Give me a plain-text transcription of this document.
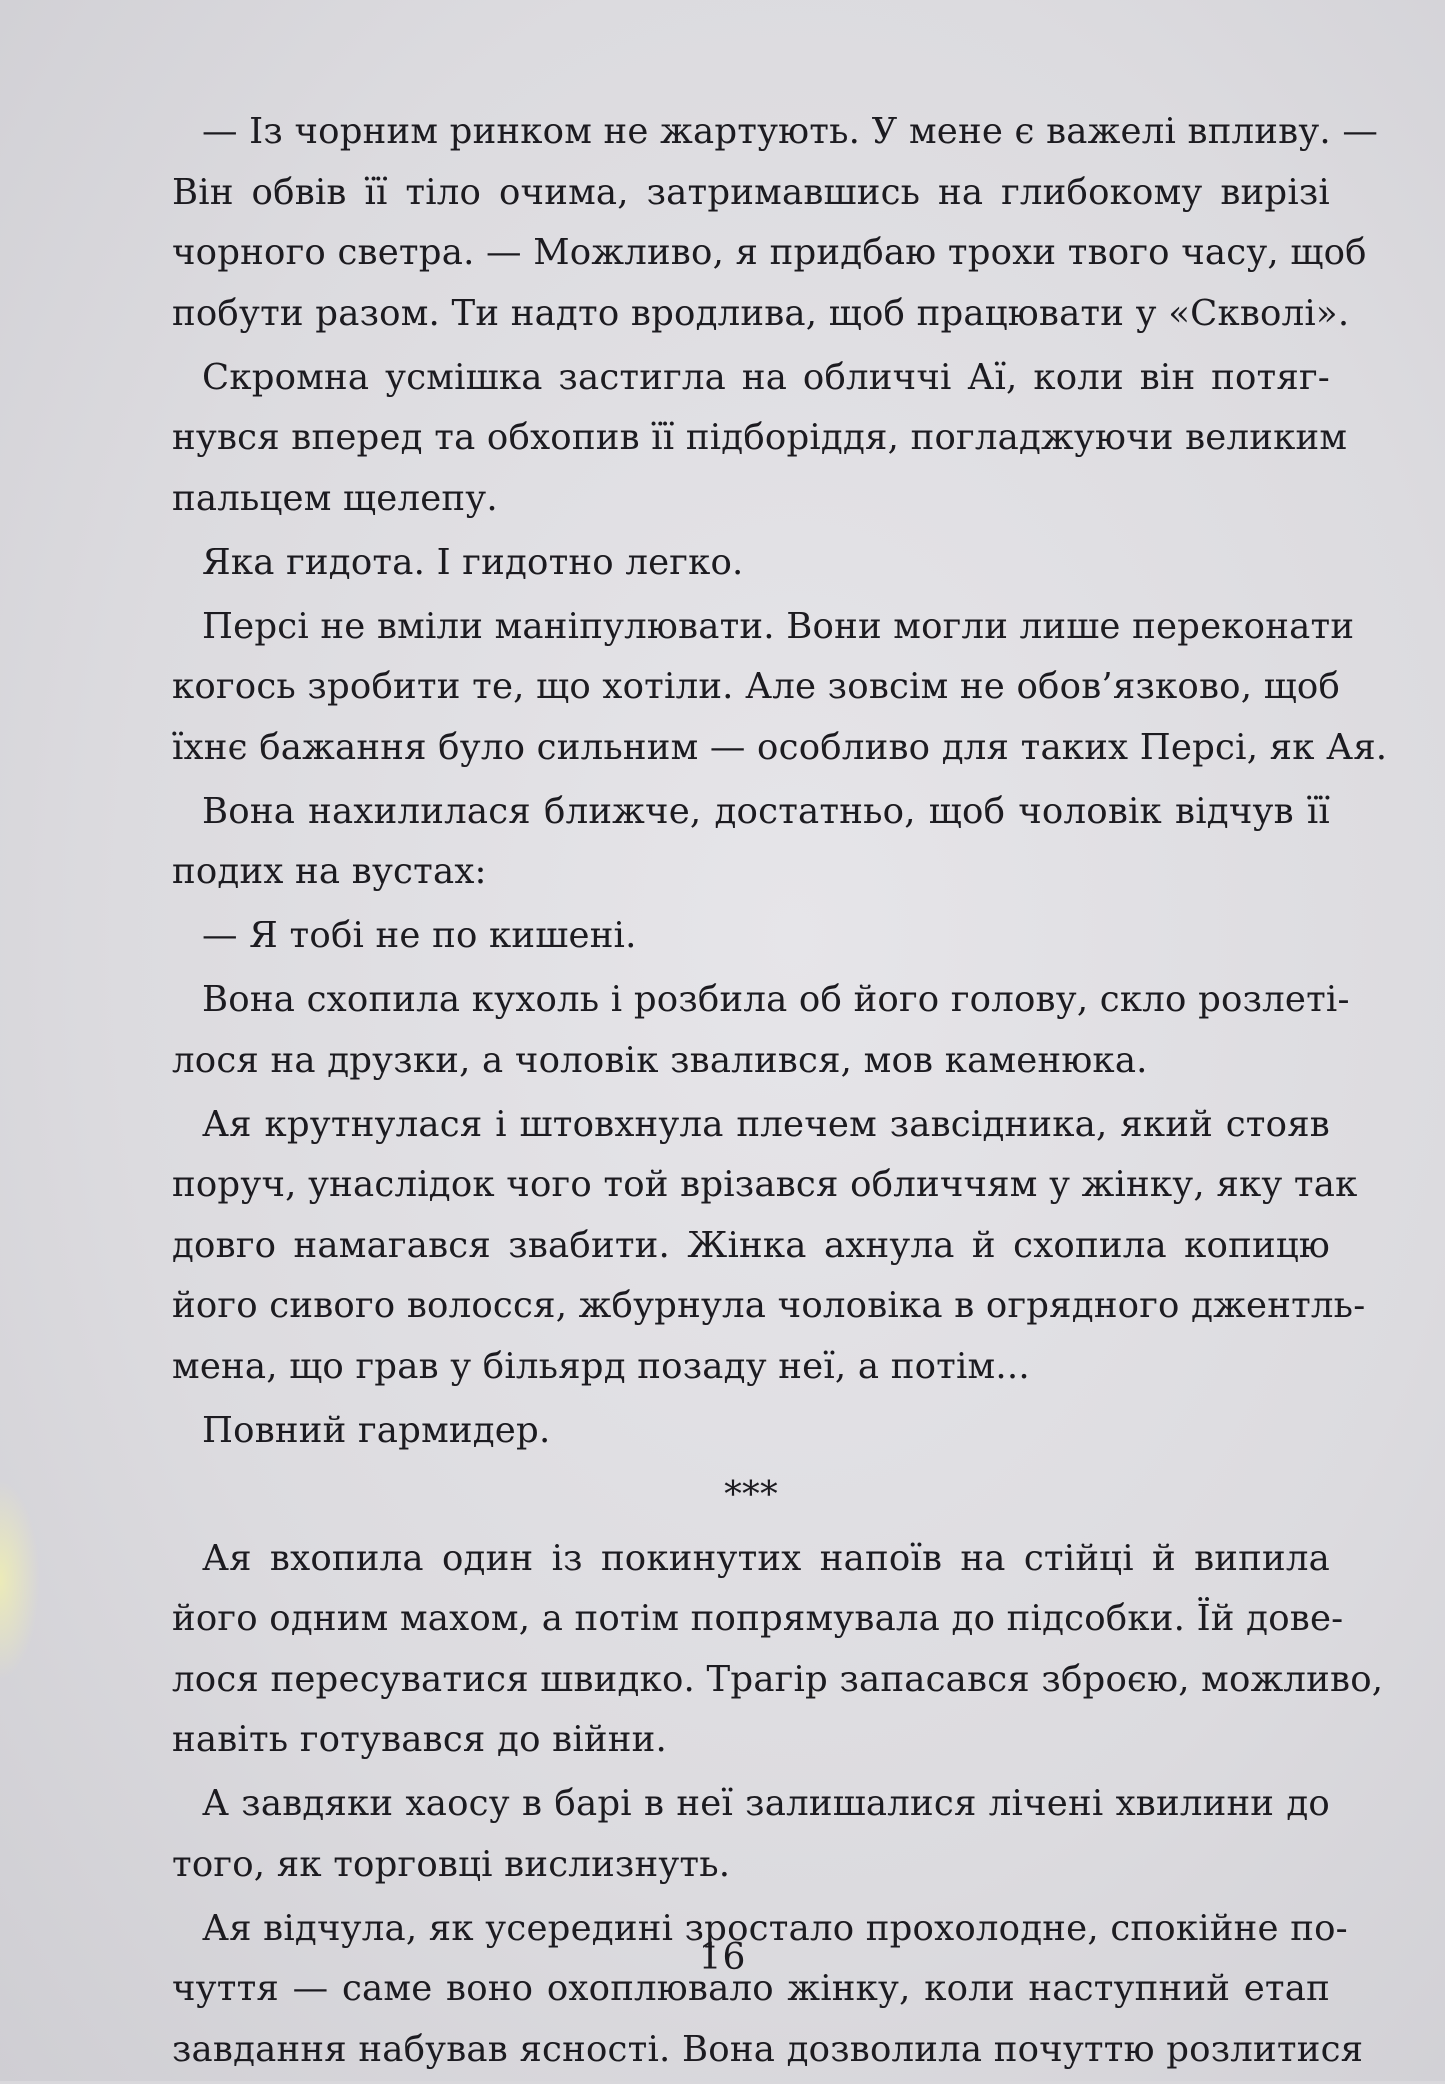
— Із чорним ринком не жартують. У мене є важелі впливу. —
Він обвів її тіло очима, затримавшись на глибокому вирізі
чорного светра. — Можливо, я придбаю трохи твого часу, щоб
побути разом. Ти надто вродлива, щоб працювати у «Скволі».
Скромна усмішка застигла на обличчі Аї, коли він потяг-
нувся вперед та обхопив її підборіддя, погладжуючи великим
пальцем щелепу.
Яка гидота. І гидотно легко.
Персі не вміли маніпулювати. Вони могли лише переконати
когось зробити те, що хотіли. Але зовсім не обов’язково, щоб
їхнє бажання було сильним — особливо для таких Персі, як Ая.
Вона нахилилася ближче, достатньо, щоб чоловік відчув її
подих на вустах:
— Я тобі не по кишені.
Вона схопила кухоль і розбила об його голову, скло розлеті-
лося на друзки, а чоловік звалився, мов каменюка.
Ая крутнулася і штовхнула плечем завсідника, який стояв
поруч, унаслідок чого той врізався обличчям у жінку, яку так
довго намагався звабити. Жінка ахнула й схопила копицю
його сивого волосся, жбурнула чоловіка в огрядного джентль-
мена, що грав у більярд позаду неї, а потім...
Повний гармидер.
***
Ая вхопила один із покинутих напоїв на стійці й випила
його одним махом, а потім попрямувала до підсобки. Їй дове-
лося пересуватися швидко. Трагір запасався зброєю, можливо,
навіть готувався до війни.
А завдяки хаосу в барі в неї залишалися лічені хвилини до
того, як торговці вислизнуть.
Ая відчула, як усередині зростало прохолодне, спокійне по-
чуття — саме воно охоплювало жінку, коли наступний етап
завдання набував ясності. Вона дозволила почуттю розлитися
16
